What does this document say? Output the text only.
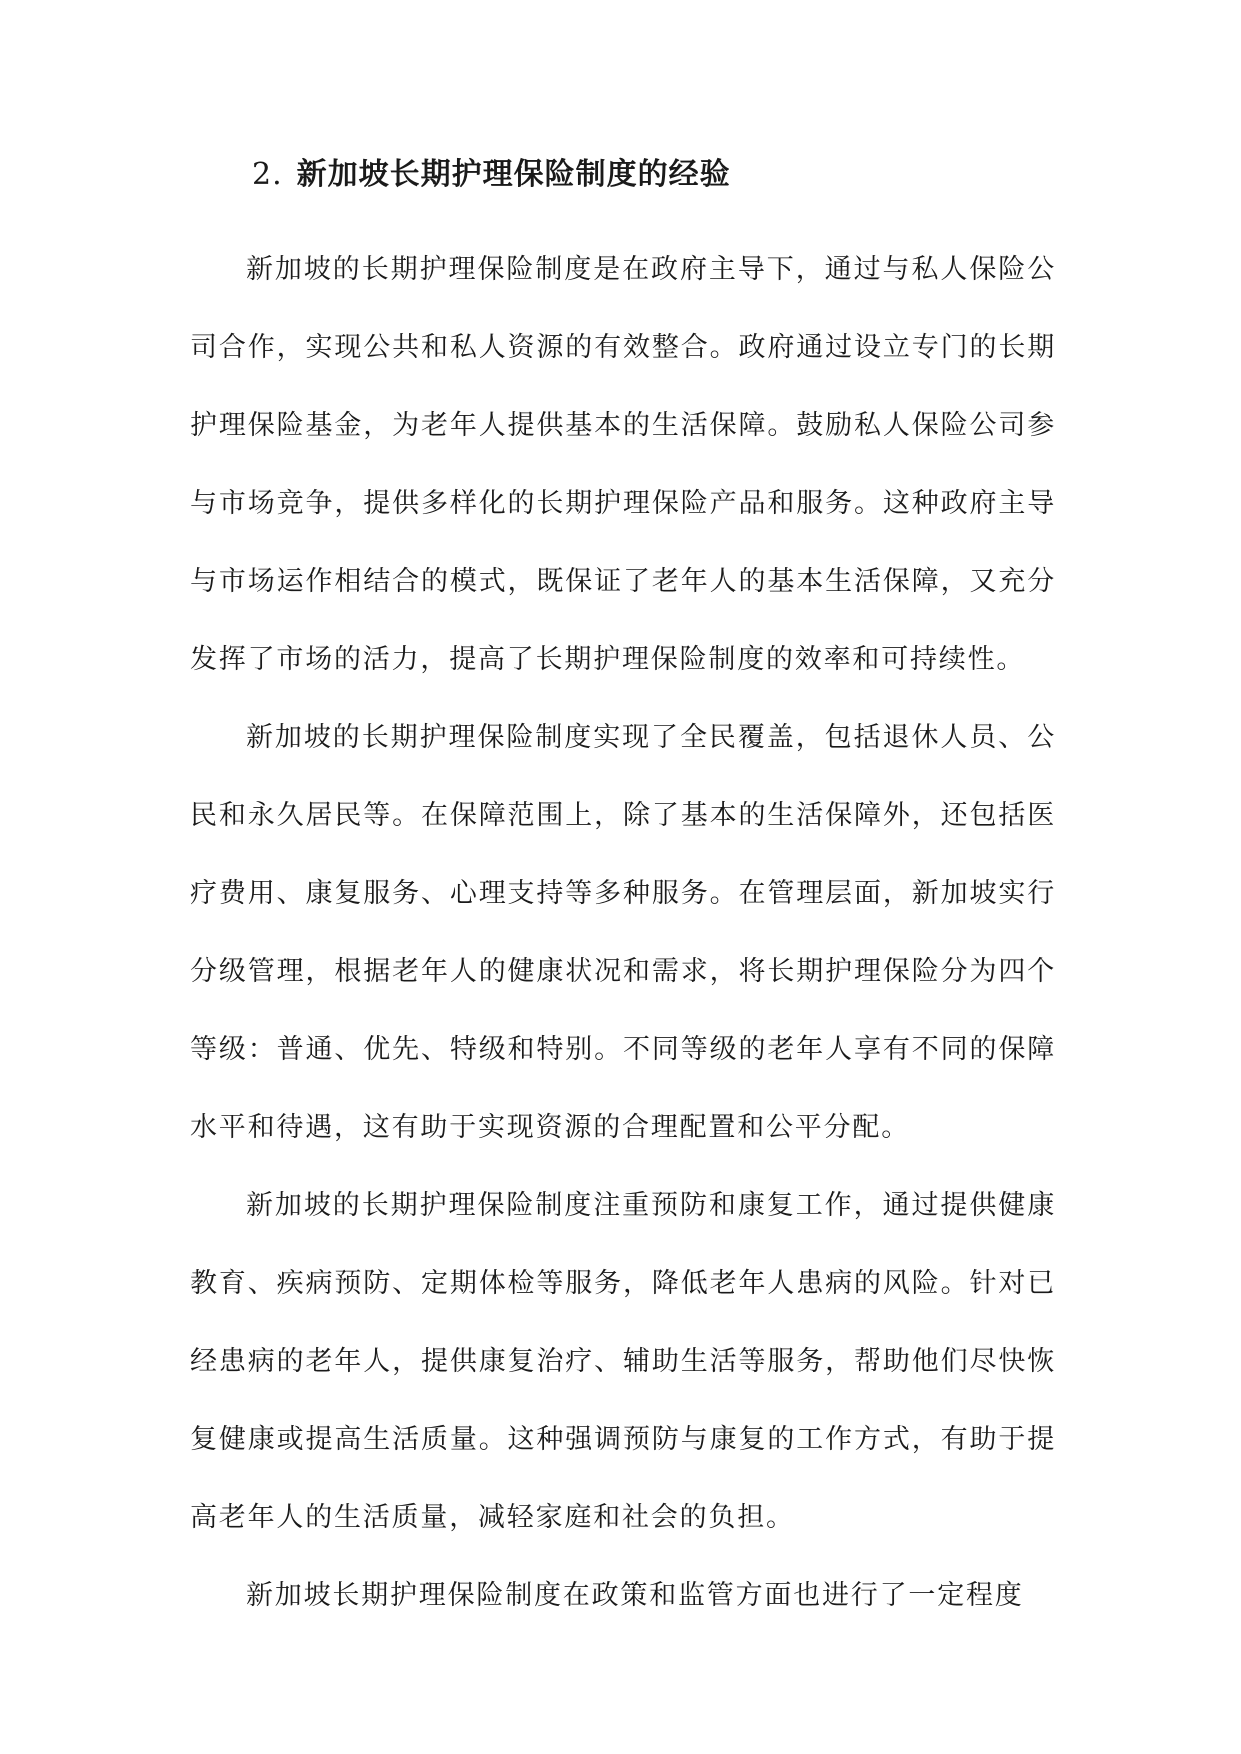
2. 新加坡长期护理保险制度的经验

新加坡的长期护理保险制度是在政府主导下，通过与私人保险公司合作，实现公共和私人资源的有效整合。政府通过设立专门的长期护理保险基金，为老年人提供基本的生活保障。鼓励私人保险公司参与市场竞争，提供多样化的长期护理保险产品和服务。这种政府主导与市场运作相结合的模式，既保证了老年人的基本生活保障，又充分发挥了市场的活力，提高了长期护理保险制度的效率和可持续性。

新加坡的长期护理保险制度实现了全民覆盖，包括退休人员、公民和永久居民等。在保障范围上，除了基本的生活保障外，还包括医疗费用、康复服务、心理支持等多种服务。在管理层面，新加坡实行分级管理，根据老年人的健康状况和需求，将长期护理保险分为四个等级：普通、优先、特级和特别。不同等级的老年人享有不同的保障水平和待遇，这有助于实现资源的合理配置和公平分配。

新加坡的长期护理保险制度注重预防和康复工作，通过提供健康教育、疾病预防、定期体检等服务，降低老年人患病的风险。针对已经患病的老年人，提供康复治疗、辅助生活等服务，帮助他们尽快恢复健康或提高生活质量。这种强调预防与康复的工作方式，有助于提高老年人的生活质量，减轻家庭和社会的负担。

新加坡长期护理保险制度在政策和监管方面也进行了一定程度
